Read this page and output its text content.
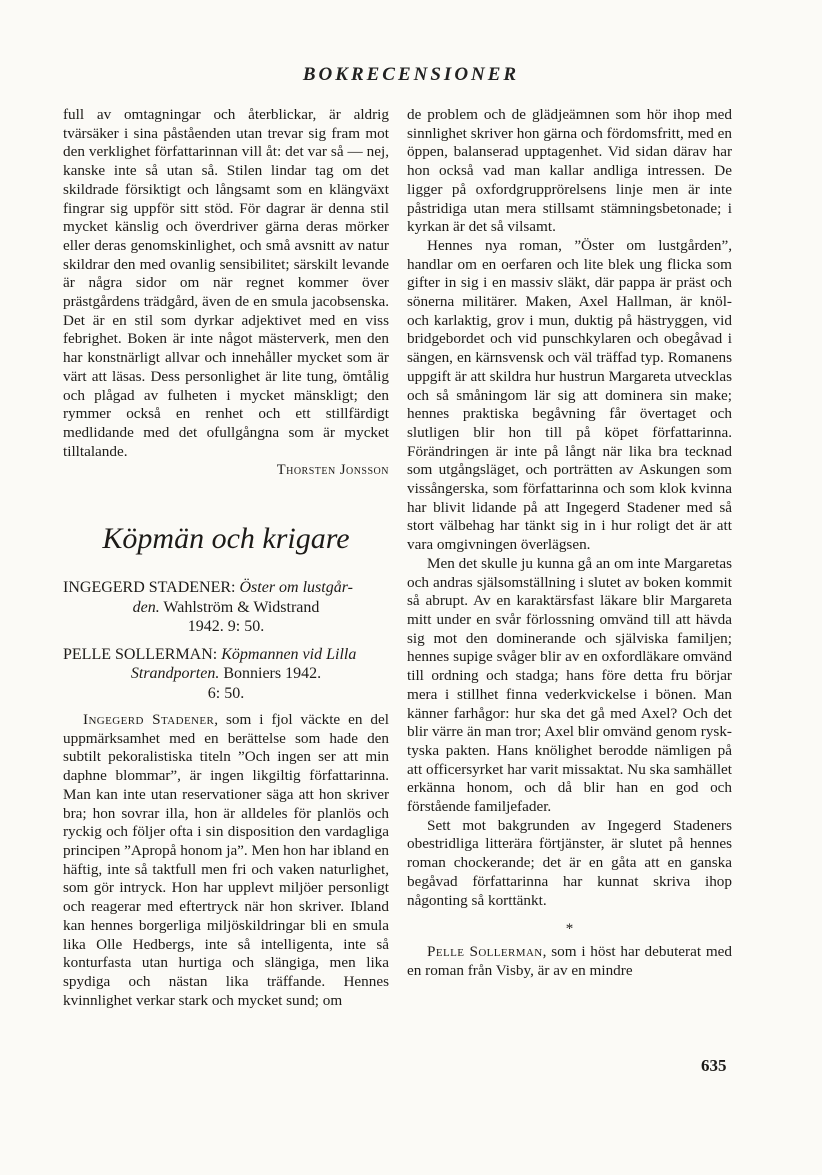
BOKRECENSIONER

full av omtagningar och återblickar, är aldrig tvärsäker i sina påståenden utan trevar sig fram mot den verklighet författarinnan vill åt: det var så — nej, kanske inte så utan så. Stilen lindar tag om det skildrade försiktigt och långsamt som en klängväxt fingrar sig uppför sitt stöd. För dagrar är denna stil mycket känslig och överdriver gärna deras mörker eller deras genomskinlighet, och små avsnitt av natur skildrar den med ovanlig sensibilitet; särskilt levande är några sidor om när regnet kommer över prästgårdens trädgård, även de en smula jacobsenska. Det är en stil som dyrkar adjektivet med en viss febrighet. Boken är inte något mästerverk, men den har konstnärligt allvar och innehåller mycket som är värt att läsas. Dess personlighet är lite tung, ömtålig och plågad av fulheten i mycket mänskligt; den rymmer också en renhet och ett stillfärdigt medlidande med det ofullgångna som är mycket tilltalande.

Thorsten Jonsson

Köpmän och krigare
INGEGERD STADENER: Öster om lustgår-
den. Wahlström & Widstrand
1942. 9: 50.
PELLE SOLLERMAN: Köpmannen vid Lilla
Strandporten. Bonniers 1942.
6: 50.

Ingegerd Stadener, som i fjol väckte en del uppmärksamhet med en berättelse som hade den subtilt pekoralistiska titeln ”Och ingen ser att min daphne blommar”, är ingen likgiltig författarinna. Man kan inte utan reservationer säga att hon skriver bra; hon sovrar illa, hon är alldeles för planlös och ryckig och följer ofta i sin disposition den vardagliga principen ”Apropå honom ja”. Men hon har ibland en häftig, inte så taktfull men fri och vaken naturlighet, som gör intryck. Hon har upplevt miljöer personligt och reagerar med eftertryck när hon skriver. Ibland kan hennes borgerliga miljöskildringar bli en smula lika Olle Hedbergs, inte så intelligenta, inte så konturfasta utan hurtiga och slängiga, men lika spydiga och nästan lika träffande. Hennes kvinnlighet verkar stark och mycket sund; om

de problem och de glädjeämnen som hör ihop med sinnlighet skriver hon gärna och fördomsfritt, med en öppen, balanserad upptagenhet. Vid sidan därav har hon också vad man kallar andliga intressen. De ligger på oxfordgrupprörelsens linje men är inte påstridiga utan mera stillsamt stämningsbetonade; i kyrkan är det så vilsamt.

Hennes nya roman, ”Öster om lustgården”, handlar om en oerfaren och lite blek ung flicka som gifter in sig i en massiv släkt, där pappa är präst och sönerna militärer. Maken, Axel Hallman, är knöl- och karlaktig, grov i mun, duktig på hästryggen, vid bridgebordet och vid punschkylaren och obegåvad i sängen, en kärnsvensk och väl träffad typ. Romanens uppgift är att skildra hur hustrun Margareta utvecklas och så småningom lär sig att dominera sin make; hennes praktiska begåvning får övertaget och slutligen blir hon till på köpet författarinna. Förändringen är inte på långt när lika bra tecknad som utgångsläget, och porträtten av Askungen som vissångerska, som författarinna och som klok kvinna har blivit lidande på att Ingegerd Stadener med så stort välbehag har tänkt sig in i hur roligt det är att vara omgivningen överlägsen.

Men det skulle ju kunna gå an om inte Margaretas och andras själsomställning i slutet av boken kommit så abrupt. Av en karaktärsfast läkare blir Margareta mitt under en svår förlossning omvänd till att hävda sig mot den dominerande och själviska familjen; hennes supige svåger blir av en oxfordläkare omvänd till ordning och stadga; hans före detta fru börjar mera i stillhet finna vederkvickelse i bönen. Man känner farhågor: hur ska det gå med Axel? Och det blir värre än man tror; Axel blir omvänd genom rysk-tyska pakten. Hans knölighet berodde nämligen på att officersyrket har varit missaktat. Nu ska samhället erkänna honom, och då blir han en god och förstående familjefader.

Sett mot bakgrunden av Ingegerd Stadeners obestridliga litterära förtjänster, är slutet på hennes roman chockerande; det är en gåta att en ganska begåvad författarinna har kunnat skriva ihop någonting så korttänkt.

*

Pelle Sollerman, som i höst har debuterat med en roman från Visby, är av en mindre

635
